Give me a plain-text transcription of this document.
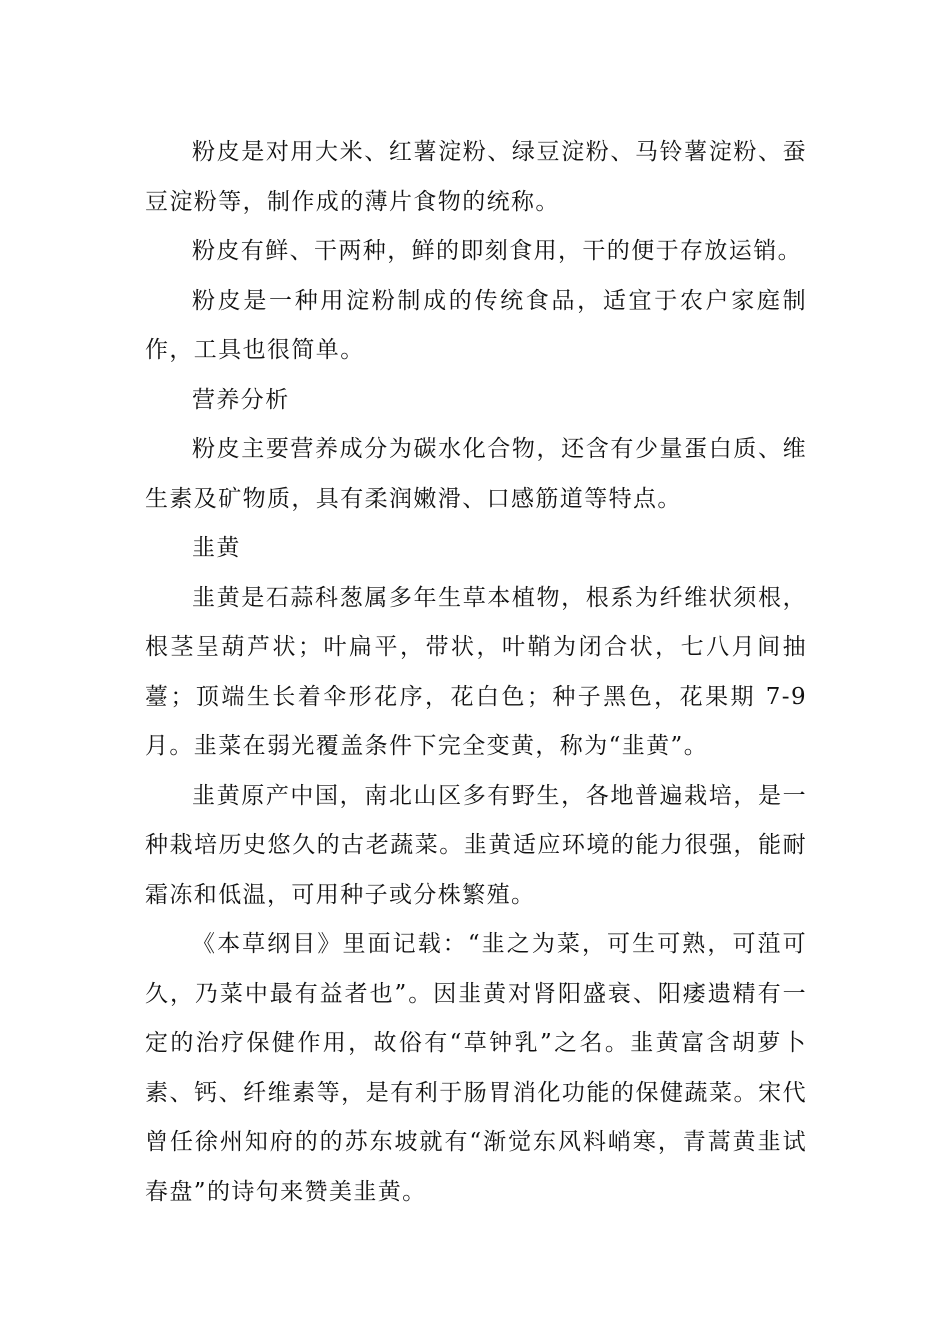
粉皮是对用大米、红薯淀粉、绿豆淀粉、马铃薯淀粉、蚕豆淀粉等，制作成的薄片食物的统称。

粉皮有鲜、干两种，鲜的即刻食用，干的便于存放运销。

粉皮是一种用淀粉制成的传统食品，适宜于农户家庭制作，工具也很简单。

营养分析

粉皮主要营养成分为碳水化合物，还含有少量蛋白质、维生素及矿物质，具有柔润嫩滑、口感筋道等特点。

韭黄

韭黄是石蒜科葱属多年生草本植物，根系为纤维状须根，根茎呈葫芦状；叶扁平，带状，叶鞘为闭合状，七八月间抽薹；顶端生长着伞形花序，花白色；种子黑色，花果期 7-9 月。韭菜在弱光覆盖条件下完全变黄，称为“韭黄”。

韭黄原产中国，南北山区多有野生，各地普遍栽培，是一种栽培历史悠久的古老蔬菜。韭黄适应环境的能力很强，能耐霜冻和低温，可用种子或分株繁殖。

《本草纲目》里面记载：“韭之为菜，可生可熟，可菹可久，乃菜中最有益者也”。因韭黄对肾阳盛衰、阳痿遗精有一定的治疗保健作用，故俗有“草钟乳”之名。韭黄富含胡萝卜素、钙、纤维素等，是有利于肠胃消化功能的保健蔬菜。宋代曾任徐州知府的的苏东坡就有“渐觉东风料峭寒，青蒿黄韭试春盘”的诗句来赞美韭黄。
